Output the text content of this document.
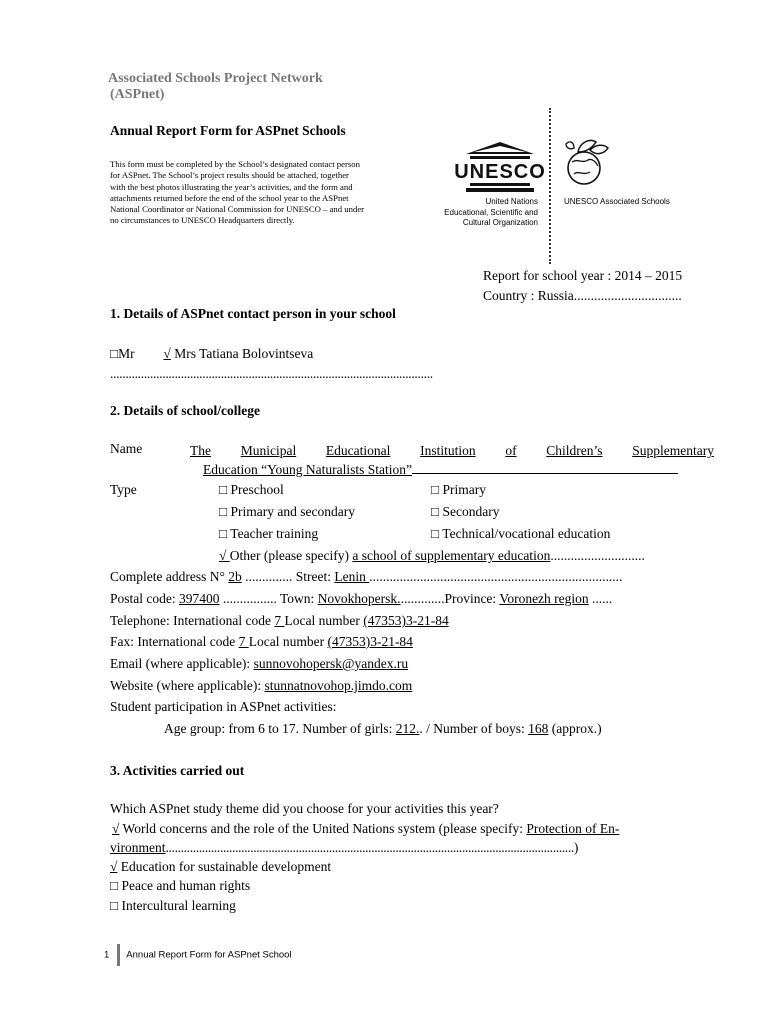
Associated Schools Project Network
(ASPnet)
Annual Report Form for ASPnet Schools
This form must be completed by the School’s designated contact person
for ASPnet. The School’s project results should be attached, together
with the best photos illustrating the year’s activities, and the form and
attachments returned before the end of the school year to the ASPnet
National Coordinator or National Commission for UNESCO – and under
no circumstances to UNESCO Headquarters directly.
UNESCO
United Nations
Educational, Scientific and
Cultural Organization
UNESCO Associated Schools
Report for school year : 2014 – 2015
Country : Russia................................
1. Details of ASPnet contact person in your school
□Mr √ Mrs Tatiana Bolovintseva
.........................................................................................................
2. Details of school/college
Name	The Municipal Educational Institution of Children’s Supplementary
Education “Young Naturalists Station”
Type	□ Preschool	□ Primary
□ Primary and secondary	□ Secondary
□ Teacher training	□ Technical/vocational education
√ Other (please specify) a school of supplementary education............................
Complete address N° 2b .............. Street: Lenin ...........................................................................
Postal code: 397400 ................ Town: Novokhopersk..............Province: Voronezh region ......
Telephone: International code 7 Local number (47353)3-21-84
Fax: International code 7 Local number (47353)3-21-84
Email (where applicable): sunnovohopersk@yandex.ru
Website (where applicable): stunnatnovohop.jimdo.com
Student participation in ASPnet activities:
Age group: from 6 to 17. Number of girls: 212.. / Number of boys: 168 (approx.)
3. Activities carried out
Which ASPnet study theme did you choose for your activities this year?
√ World concerns and the role of the United Nations system (please specify: Protection of En-
vironment.......................................................................................................................................)
√ Education for sustainable development
□ Peace and human rights
□ Intercultural learning
1 Annual Report Form for ASPnet School
